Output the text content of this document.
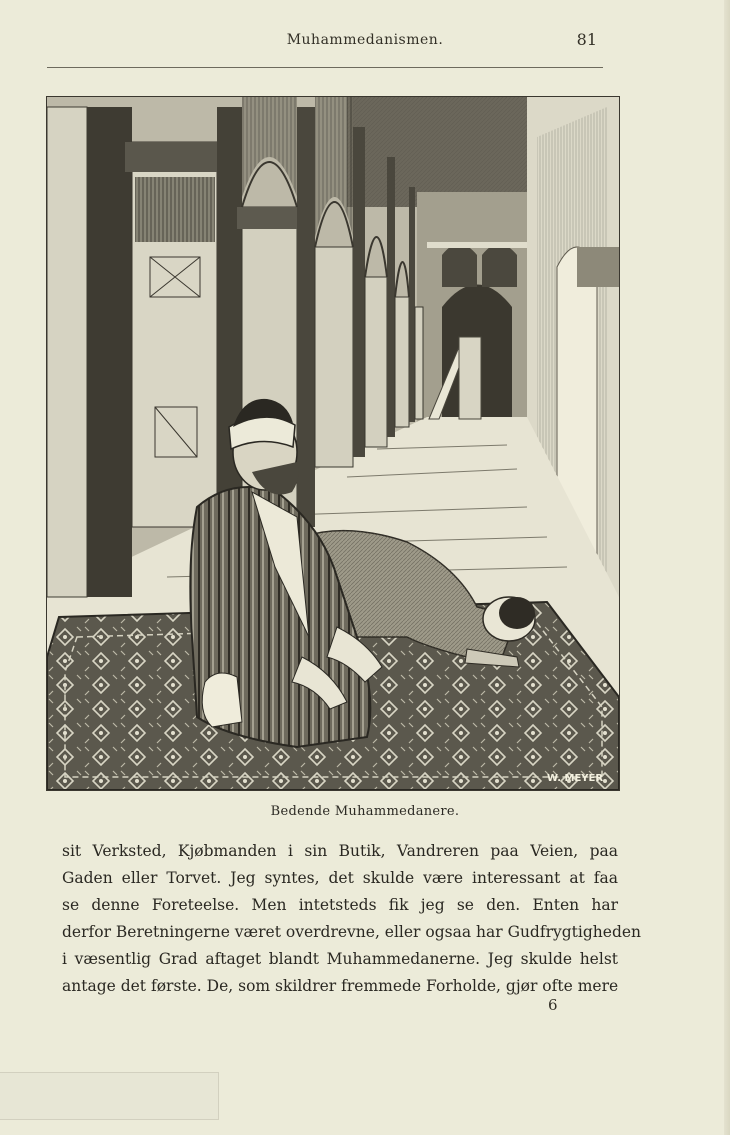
Muhammedanismen.	81
W. MEYER
Bedende Muhammedanere.
sit Verksted, Kjøbmanden i sin Butik, Vandreren paa Veien, paa
Gaden eller Torvet. Jeg syntes, det skulde være interessant at faa
se denne Foreteelse. Men intetsteds fik jeg se den. Enten har
derfor Beretningerne været overdrevne, eller ogsaa har Gudfrygtigheden
i væsentlig Grad aftaget blandt Muhammedanerne. Jeg skulde helst
antage det første. De, som skildrer fremmede Forholde, gjør ofte mere
6
